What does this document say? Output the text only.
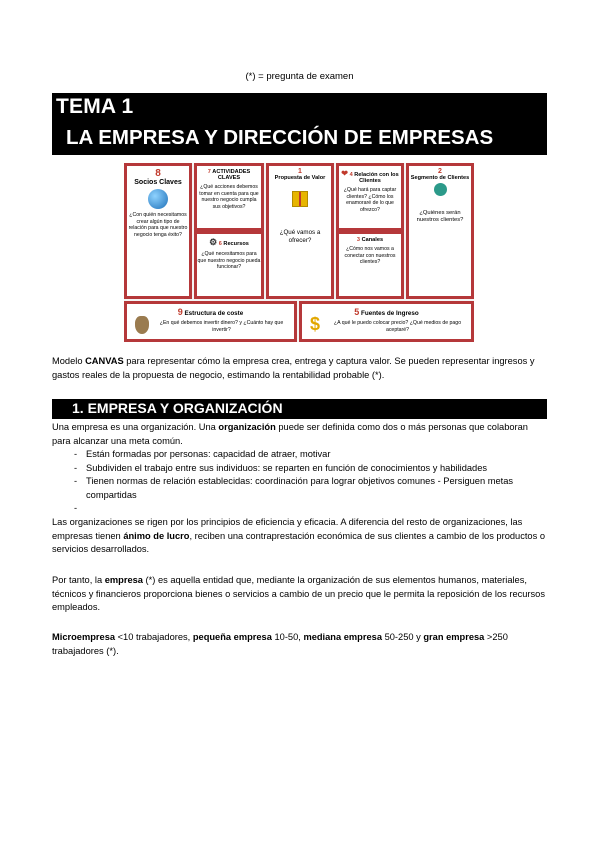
(*) = pregunta de examen
TEMA 1
LA EMPRESA Y DIRECCIÓN DE EMPRESAS
8
Socios Claves
¿Con quién necesitamos crear algún tipo de relación para que nuestro negocio tenga éxito?
7 ACTIVIDADES CLAVES
¿Qué acciones debemos tomar en cuenta para que nuestro negocio cumpla sus objetivos?
⚙ 6 Recursos
¿Qué necesitamos para que nuestro negocio pueda funcionar?
1
Propuesta de Valor
¿Qué vamos a ofrecer?
❤ 4 Relación con los Clientes
¿Qué hará para captar clientes? ¿Cómo los enamoraré de lo que ofrezco?
3 Canales
¿Cómo nos vamos a conectar con nuestros clientes?
2
Segmento de Clientes
¿Quiénes serán nuestros clientes?
9 Estructura de coste
¿En qué debemos invertir dinero? y ¿Cuánto hay que invertir?	$
5 Fuentes de Ingreso
¿A qué le puedo colocar precio? ¿Qué medios de pago aceptaré?
Modelo CANVAS para representar cómo la empresa crea, entrega y captura valor. Se pueden representar ingresos y gastos reales de la propuesta de negocio, estimando la rentabilidad probable (*).
1. EMPRESA Y ORGANIZACIÓN
Una empresa es una organización. Una organización puede ser definida como dos o más personas que colaboran para alcanzar una meta común.
- Están formadas por personas: capacidad de atraer, motivar
- Subdividen el trabajo entre sus individuos: se reparten en función de conocimientos y habilidades
- Tienen normas de relación establecidas: coordinación para lograr objetivos comunes - Persiguen metas compartidas
-
Las organizaciones se rigen por los principios de eficiencia y eficacia. A diferencia del resto de organizaciones, las empresas tienen ánimo de lucro, reciben una contraprestación económica de sus clientes a cambio de los productos o servicios desarrollados.
Por tanto, la empresa (*) es aquella entidad que, mediante la organización de sus elementos humanos, materiales, técnicos y financieros proporciona bienes o servicios a cambio de un precio que le permita la reposición de los recursos empleados.
Microempresa <10 trabajadores, pequeña empresa 10-50, mediana empresa 50-250 y gran empresa >250 trabajadores (*).
